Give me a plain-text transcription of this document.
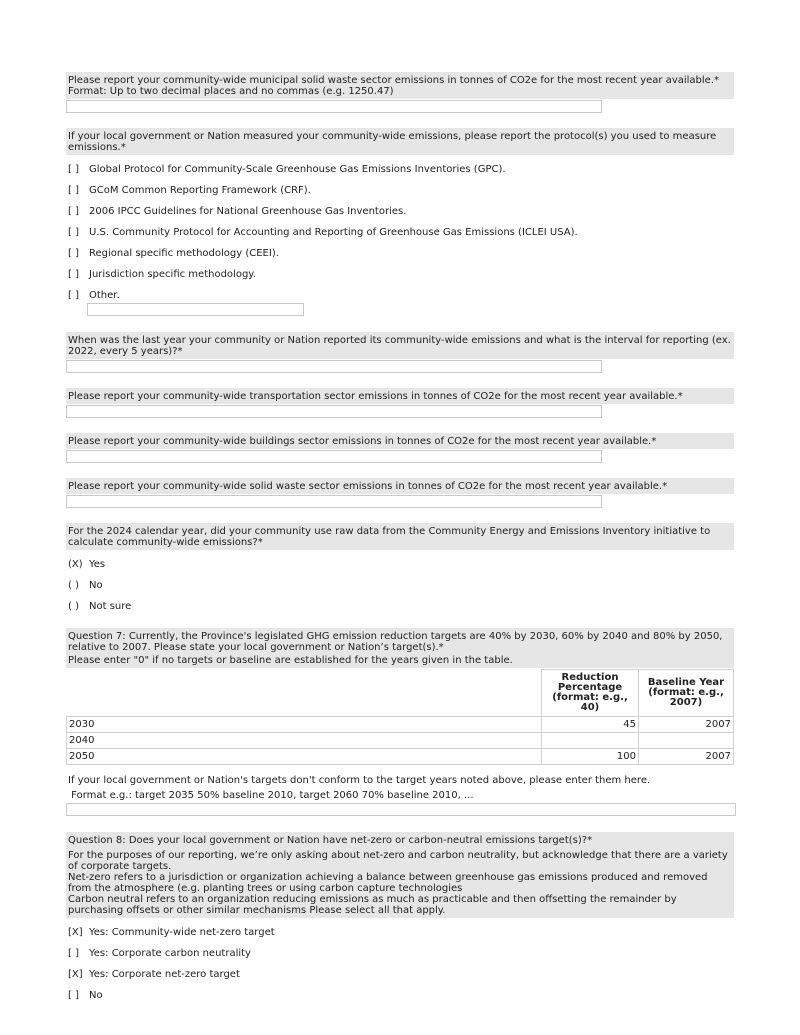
Please report your community-wide municipal solid waste sector emissions in tonnes of CO2e for the most recent year available.*
Format: Up to two decimal places and no commas (e.g. 1250.47)
If your local government or Nation measured your community-wide emissions, please report the protocol(s) you used to measure emissions.*
[ ]	Global Protocol for Community-Scale Greenhouse Gas Emissions Inventories (GPC).
[ ]	GCoM Common Reporting Framework (CRF).
[ ]	2006 IPCC Guidelines for National Greenhouse Gas Inventories.
[ ]	U.S. Community Protocol for Accounting and Reporting of Greenhouse Gas Emissions (ICLEI USA).
[ ]	Regional specific methodology (CEEI).
[ ]	Jurisdiction specific methodology.
[ ]	Other.
When was the last year your community or Nation reported its community-wide emissions and what is the interval for reporting (ex. 2022, every 5 years)?*
Please report your community-wide transportation sector emissions in tonnes of CO2e for the most recent year available.*
Please report your community-wide buildings sector emissions in tonnes of CO2e for the most recent year available.*
Please report your community-wide solid waste sector emissions in tonnes of CO2e for the most recent year available.*
For the 2024 calendar year, did your community use raw data from the Community Energy and Emissions Inventory initiative to calculate community-wide emissions?*
(X) Yes
( )	No
( )	Not sure
Question 7: Currently, the Province's legislated GHG emission reduction targets are 40% by 2030, 60% by 2040 and 80% by 2050, relative to 2007. Please state your local government or Nation’s target(s).*
Please enter "0" if no targets or baseline are established for the years given in the table.
	Reduction Percentage (format: e.g., 40)	Baseline Year (format: e.g., 2007)
2030	45	2007
2040		
2050	100	2007
If your local government or Nation's targets don't conform to the target years noted above, please enter them here.
Format e.g.: target 2035 50% baseline 2010, target 2060 70% baseline 2010, ...
Question 8: Does your local government or Nation have net-zero or carbon-neutral emissions target(s)?*
For the purposes of our reporting, we’re only asking about net-zero and carbon neutrality, but acknowledge that there are a variety of corporate targets.
Net-zero refers to a jurisdiction or organization achieving a balance between greenhouse gas emissions produced and removed from the atmosphere (e.g. planting trees or using carbon capture technologies
Carbon neutral refers to an organization reducing emissions as much as practicable and then offsetting the remainder by purchasing offsets or other similar mechanisms Please select all that apply.
[X] Yes: Community-wide net-zero target
[ ]	Yes: Corporate carbon neutrality
[X] Yes: Corporate net-zero target
[ ]	No
